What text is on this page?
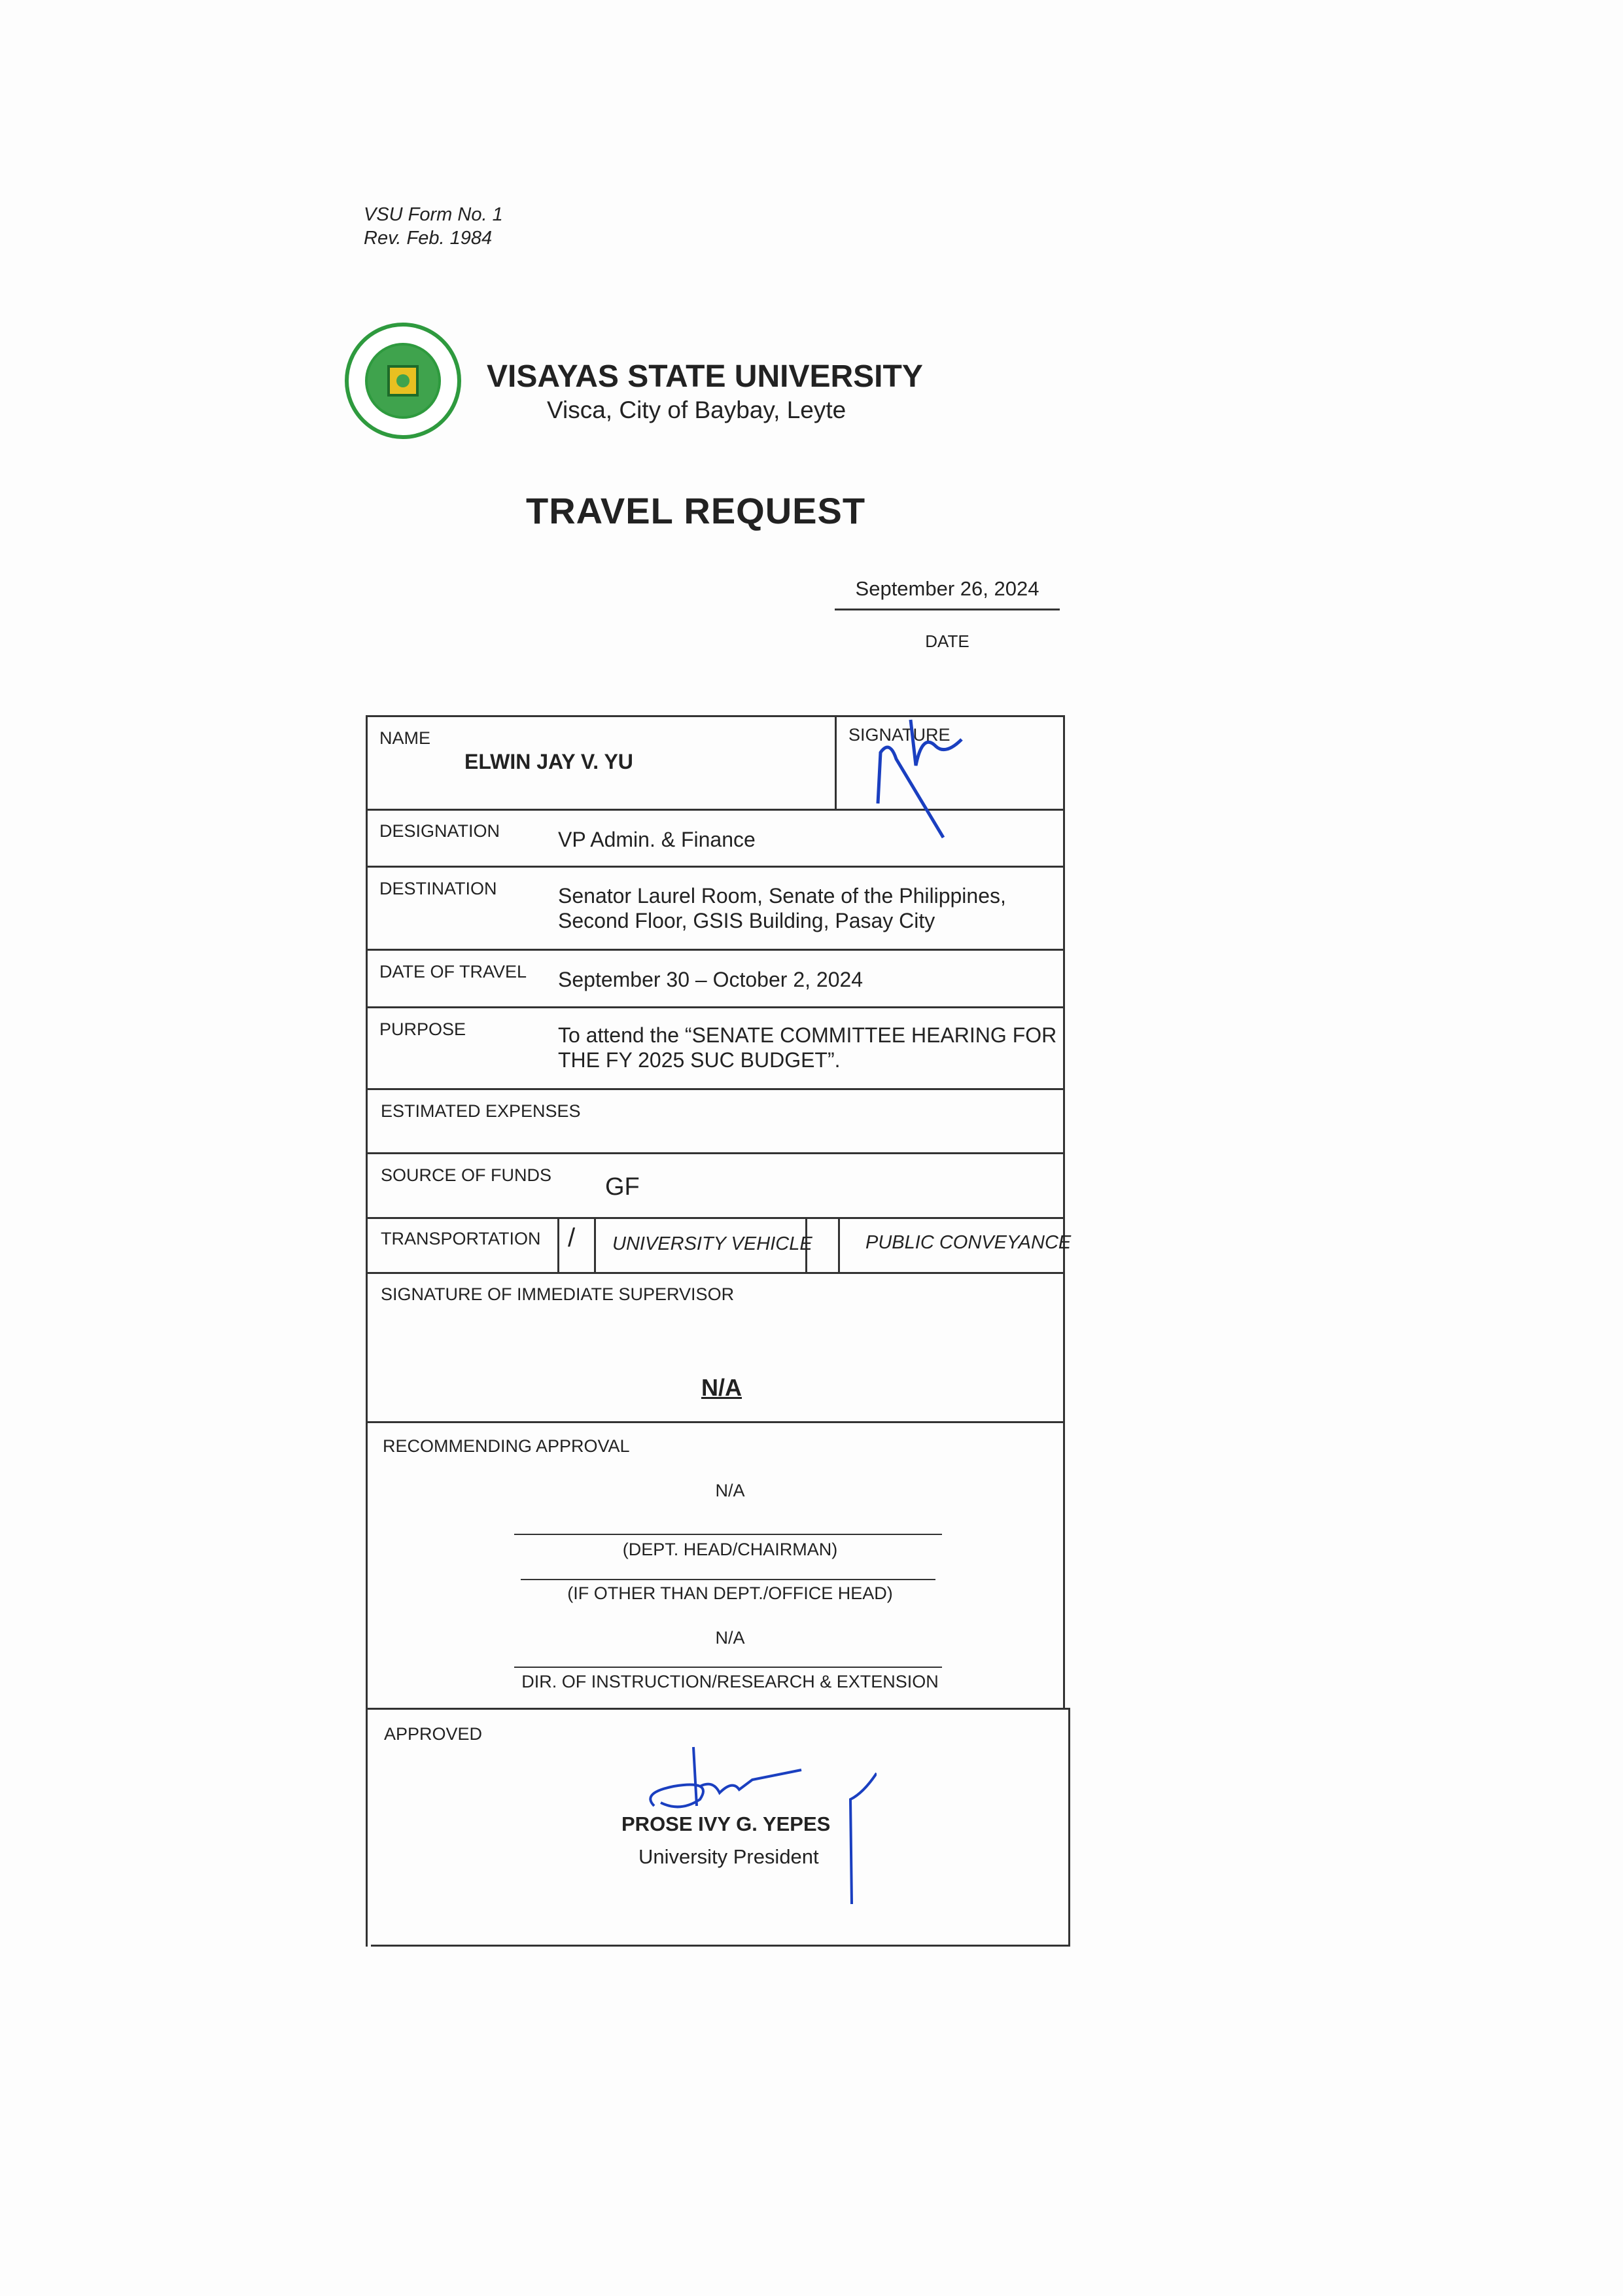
VSU Form No. 1
Rev. Feb. 1984
VISAYAS STATE UNIVERSITY
Visca, City of Baybay, Leyte
TRAVEL REQUEST
September 26, 2024
DATE
NAME
ELWIN JAY V. YU
SIGNATURE
DESIGNATION	VP Admin. & Finance
DESTINATION	Senator Laurel Room, Senate of the Philippines,
Second Floor, GSIS Building, Pasay City
DATE OF TRAVEL September 30 – October 2, 2024
PURPOSE	To attend the “SENATE COMMITTEE HEARING FOR
THE FY 2025 SUC BUDGET”.
ESTIMATED EXPENSES
SOURCE OF FUNDS GF
TRANSPORTATION / UNIVERSITY VEHICLE	PUBLIC CONVEYANCE
SIGNATURE OF IMMEDIATE SUPERVISOR
N/A
RECOMMENDING APPROVAL
N/A
(DEPT. HEAD/CHAIRMAN)
(IF OTHER THAN DEPT./OFFICE HEAD)
N/A
DIR. OF INSTRUCTION/RESEARCH & EXTENSION
APPROVED
PROSE IVY G. YEPES
University President
